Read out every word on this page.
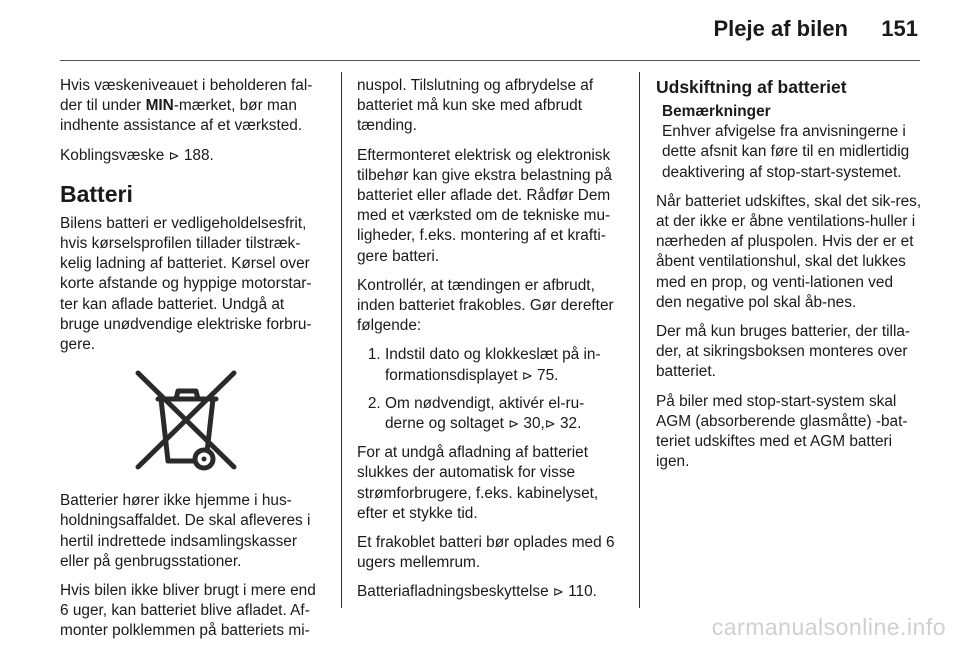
Pleje af bilen 151

Hvis væskeniveauet i beholderen fal-der til under MIN-mærket, bør man indhente assistance af et værksted.

Koblingsvæske ⊳ 188.

Batteri

Bilens batteri er vedligeholdelsesfrit, hvis kørselsprofilen tillader tilstræk-kelig ladning af batteriet. Kørsel over korte afstande og hyppige motorstar-ter kan aflade batteriet. Undgå at bruge unødvendige elektriske forbru-gere.

Batterier hører ikke hjemme i hus-holdningsaffaldet. De skal afleveres i hertil indrettede indsamlingskasser eller på genbrugsstationer.

Hvis bilen ikke bliver brugt i mere end 6 uger, kan batteriet blive afladet. Af-monter polklemmen på batteriets mi-

nuspol. Tilslutning og afbrydelse af batteriet må kun ske med afbrudt tænding.

Eftermonteret elektrisk og elektronisk tilbehør kan give ekstra belastning på batteriet eller aflade det. Rådfør Dem med et værksted om de tekniske mu-ligheder, f.eks. montering af et krafti-gere batteri.

Kontrollér, at tændingen er afbrudt, inden batteriet frakobles. Gør derefter følgende:

1. Indstil dato og klokkeslæt på in-formationsdisplayet ⊳ 75.
2. Om nødvendigt, aktivér el-ru-derne og soltaget ⊳ 30,⊳ 32.

For at undgå afladning af batteriet slukkes der automatisk for visse strømforbrugere, f.eks. kabinelyset, efter et stykke tid.

Et frakoblet batteri bør oplades med 6 ugers mellemrum.

Batteriafladningsbeskyttelse ⊳ 110.

Udskiftning af batteriet
Bemærkninger
Enhver afvigelse fra anvisningerne i dette afsnit kan føre til en midlertidig deaktivering af stop-start-systemet.

Når batteriet udskiftes, skal det sik-res, at der ikke er åbne ventilations-huller i nærheden af pluspolen. Hvis der er et åbent ventilationshul, skal det lukkes med en prop, og venti-lationen ved den negative pol skal åb-nes.

Der må kun bruges batterier, der tilla-der, at sikringsboksen monteres over batteriet.

På biler med stop-start-system skal AGM (absorberende glasmåtte) -bat-teriet udskiftes med et AGM batteri igen.

carmanualsonline.info
